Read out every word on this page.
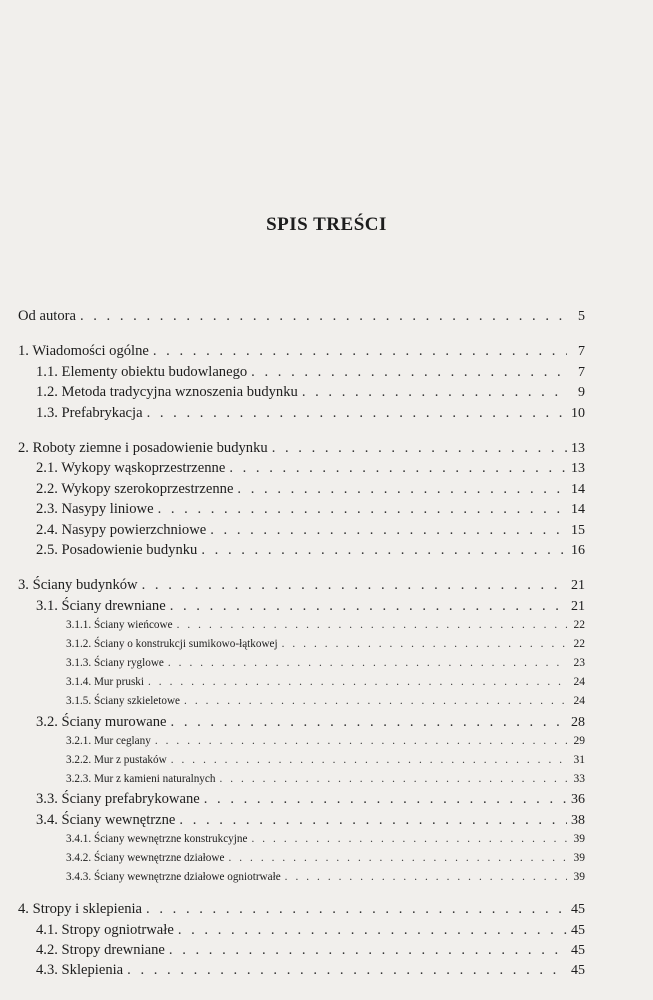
SPIS TREŚCI
Od autora . . .	5
1. Wiadomości ogólne . . .	7
1.1. Elementy obiektu budowlanego . . .	7
1.2. Metoda tradycyjna wznoszenia budynku . . .	9
1.3. Prefabrykacja . . .	10
2. Roboty ziemne i posadowienie budynku . . .	13
2.1. Wykopy wąskoprzestrzenne . . .	13
2.2. Wykopy szerokoprzestrzenne . . .	14
2.3. Nasypy liniowe . . .	14
2.4. Nasypy powierzchniowe . . .	15
2.5. Posadowienie budynku . . .	16
3. Ściany budynków . . .	21
3.1. Ściany drewniane . . .	21
3.1.1. Ściany wieńcowe . . .	22
3.1.2. Ściany o konstrukcji sumikowo-łątkowej . . .	22
3.1.3. Ściany ryglowe . . .	23
3.1.4. Mur pruski . . .	24
3.1.5. Ściany szkieletowe . . .	24
3.2. Ściany murowane . . .	28
3.2.1. Mur ceglany . . .	29
3.2.2. Mur z pustaków . . .	31
3.2.3. Mur z kamieni naturalnych . . .	33
3.3. Ściany prefabrykowane . . .	36
3.4. Ściany wewnętrzne . . .	38
3.4.1. Ściany wewnętrzne konstrukcyjne . . .	39
3.4.2. Ściany wewnętrzne działowe . . .	39
3.4.3. Ściany wewnętrzne działowe ogniotrwałe . . .	39
4. Stropy i sklepienia . . .	45
4.1. Stropy ogniotrwałe . . .	45
4.2. Stropy drewniane . . .	45
4.3. Sklepienia . . .	45
